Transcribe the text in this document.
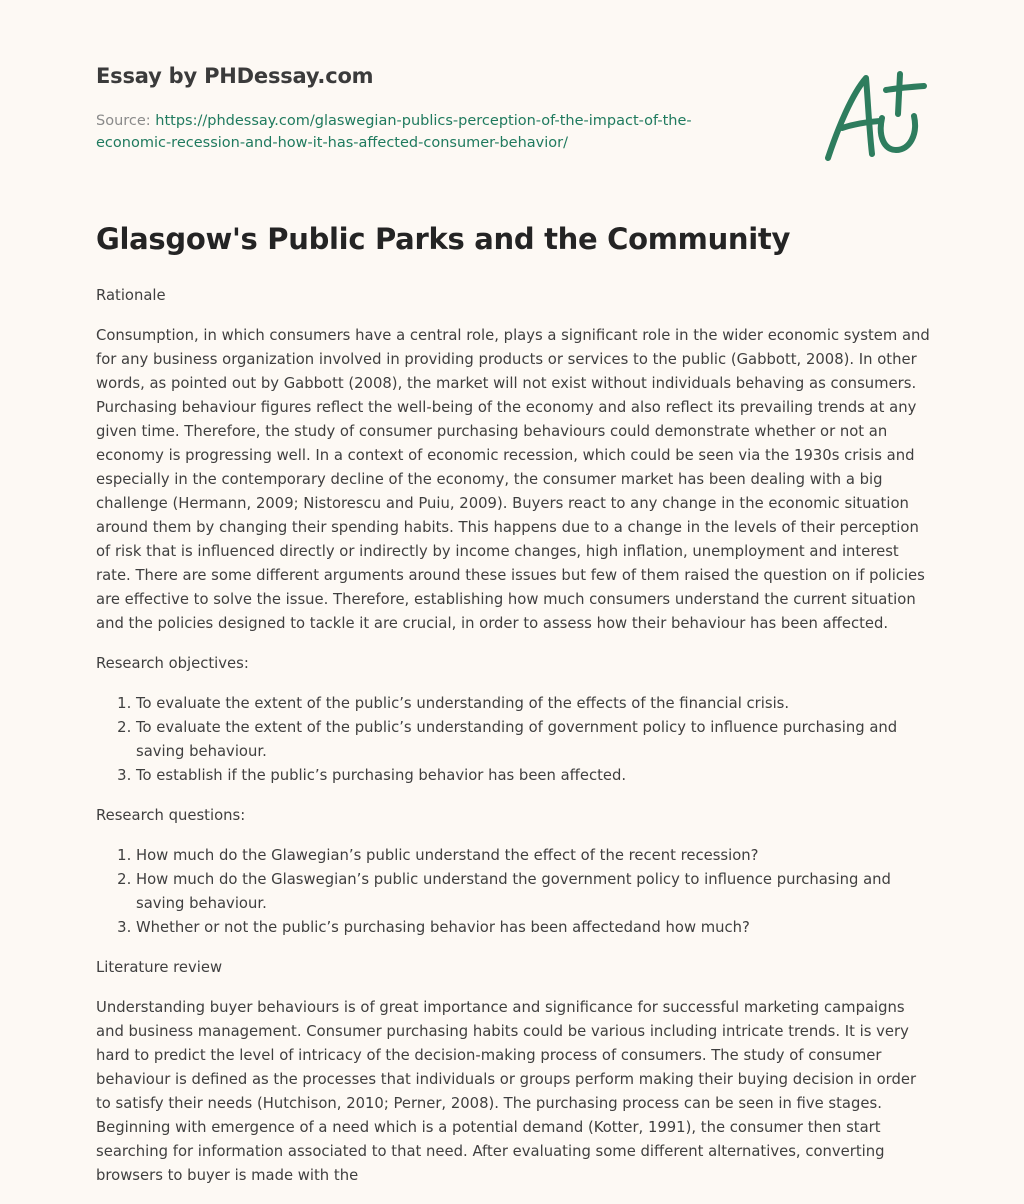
Essay by PHDessay.com
Source: https://phdessay.com/glaswegian-publics-perception-of-the-impact-of-the-
economic-recession-and-how-it-has-affected-consumer-behavior/
Glasgow's Public Parks and the Community

Rationale

Consumption, in which consumers have a central role, plays a significant role in the wider economic system and for any business organization involved in providing products or services to the public (Gabbott, 2008). In other words, as pointed out by Gabbott (2008), the market will not exist without individuals behaving as consumers. Purchasing behaviour figures reflect the well-being of the economy and also reflect its prevailing trends at any given time. Therefore, the study of consumer purchasing behaviours could demonstrate whether or not an economy is progressing well. In a context of economic recession, which could be seen via the 1930s crisis and especially in the contemporary decline of the economy, the consumer market has been dealing with a big challenge (Hermann, 2009; Nistorescu and Puiu, 2009). Buyers react to any change in the economic situation around them by changing their spending habits. This happens due to a change in the levels of their perception of risk that is influenced directly or indirectly by income changes, high inflation, unemployment and interest rate. There are some different arguments around these issues but few of them raised the question on if policies are effective to solve the issue. Therefore, establishing how much consumers understand the current situation and the policies designed to tackle it are crucial, in order to assess how their behaviour has been affected.

Research objectives:

1. To evaluate the extent of the public’s understanding of the effects of the financial crisis.
2. To evaluate the extent of the public’s understanding of government policy to influence purchasing and saving behaviour.
3. To establish if the public’s purchasing behavior has been affected.

Research questions:

1. How much do the Glawegian’s public understand the effect of the recent recession?
2. How much do the Glaswegian’s public understand the government policy to influence purchasing and saving behaviour.
3. Whether or not the public’s purchasing behavior has been affectedand how much?

Literature review

Understanding buyer behaviours is of great importance and significance for successful marketing campaigns and business management. Consumer purchasing habits could be various including intricate trends. It is very hard to predict the level of intricacy of the decision-making process of consumers. The study of consumer behaviour is defined as the processes that individuals or groups perform making their buying decision in order to satisfy their needs (Hutchison, 2010; Perner, 2008). The purchasing process can be seen in five stages. Beginning with emergence of a need which is a potential demand (Kotter, 1991), the consumer then start searching for information associated to that need. After evaluating some different alternatives, converting browsers to buyer is made with the
